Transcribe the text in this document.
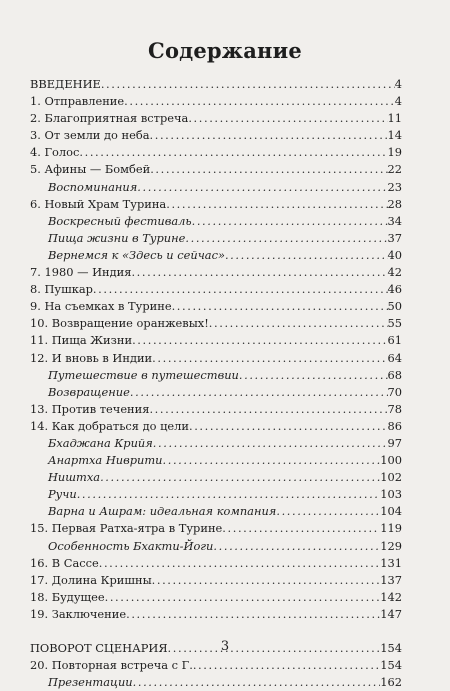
Содержание
ВВЕДЕНИЕ .....	4
1. Отправление .....	4
2. Благоприятная встреча .....	11
3. От земли до неба .....	14
4. Голос .....	19
5. Афины — Бомбей .....	22
Воспоминания .....	23
6. Новый Храм Турина .....	28
Воскресный фестиваль .....	34
Пища жизни в Турине .....	37
Вернемся к «Здесь и сейчас» .....	40
7. 1980 — Индия .....	42
8. Пушкар .....	46
9. На съемках в Турине .....	50
10. Возвращение оранжевых! .....	55
11. Пища Жизни .....	61
12. И вновь в Индии .....	64
Путешествие в путешествии .....	68
Возвращение .....	70
13. Против течения .....	78
14. Как добраться до цели .....	86
Бхаджана Крийя .....	97
Анартха Ниврити .....	100
Ништха .....	102
Ручи .....	103
Варна и Ашрам: идеальная компания .....	104
15. Первая Ратха-ятра в Турине .....	119
Особенность Бхакти-Йоги .....	129
16. В Сассе .....	131
17. Долина Кришны .....	137
18. Будущее .....	142
19. Заключение .....	147
ПОВОРОТ СЦЕНАРИЯ .....	154
20. Повторная встреча с Г. .....	154
Презентации .....	162
3
